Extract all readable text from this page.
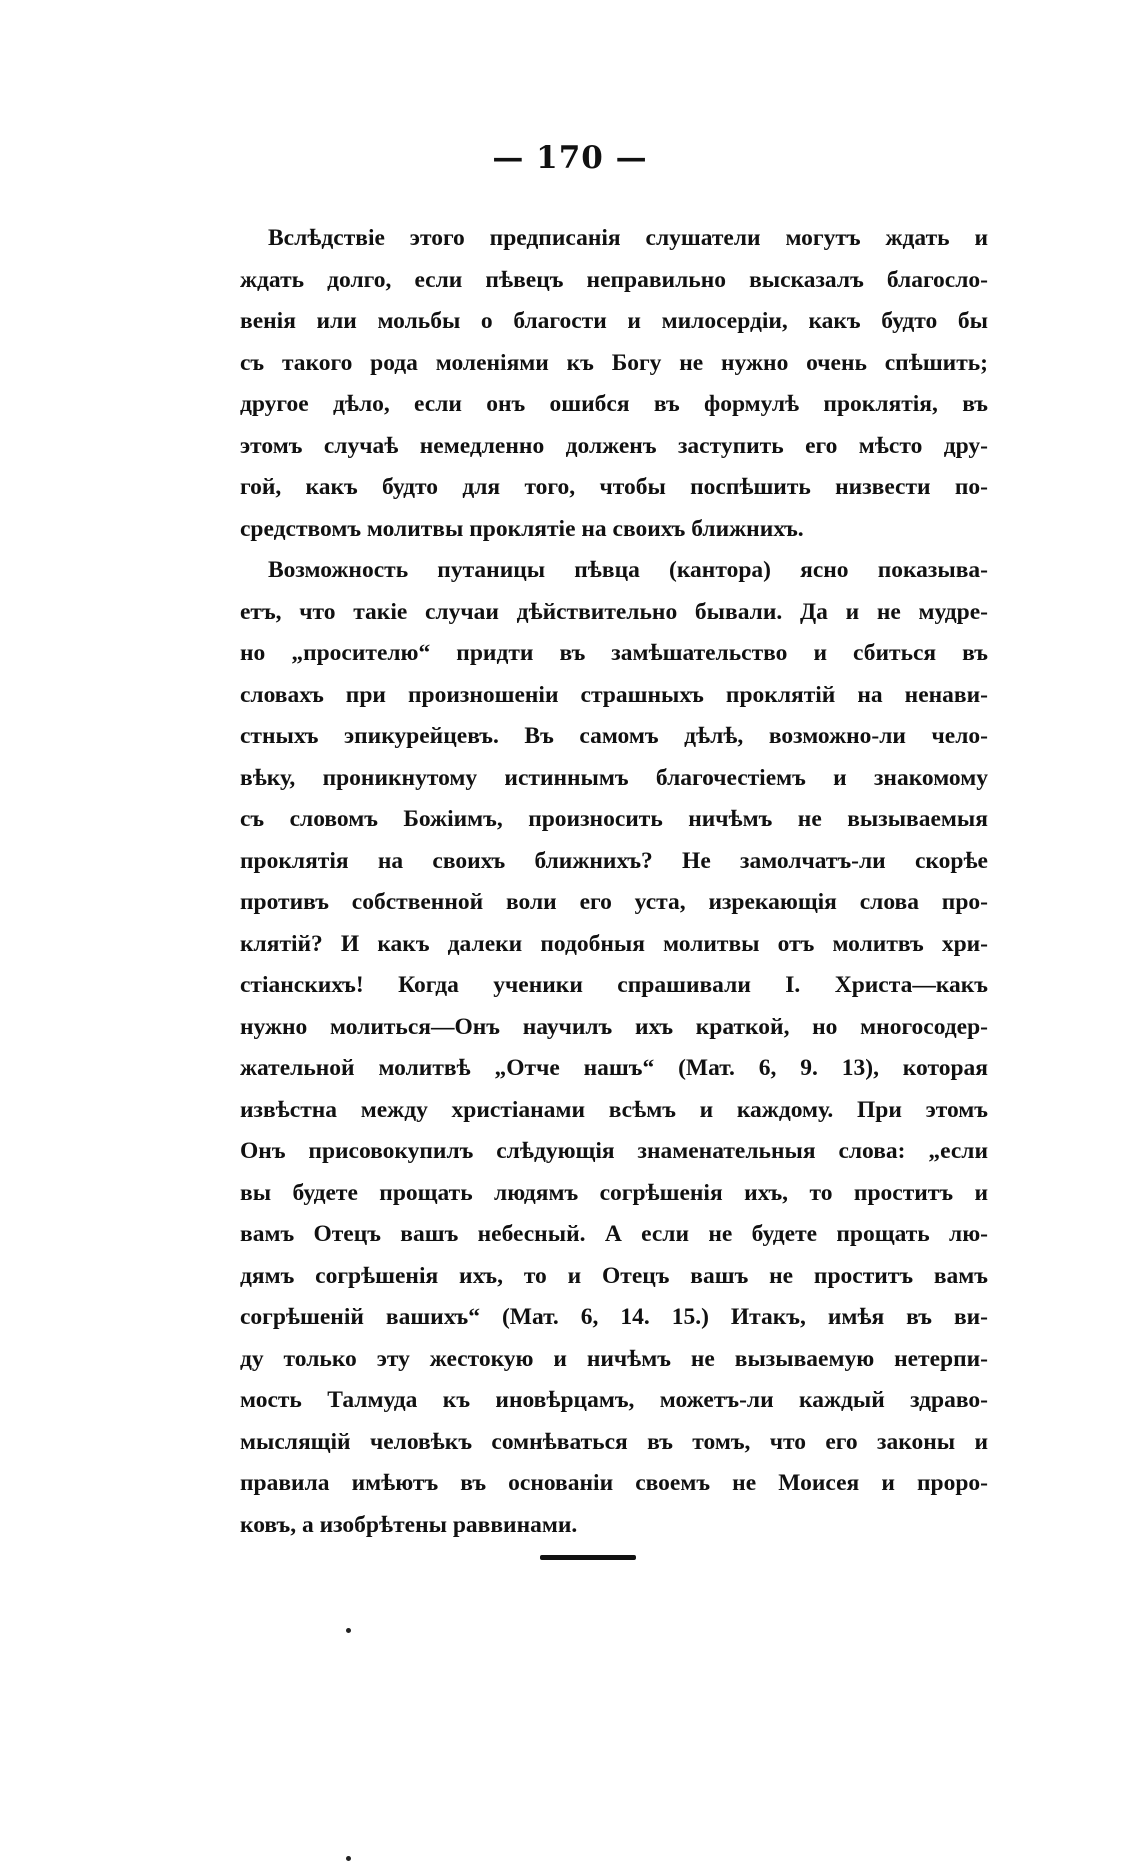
— 170 —
Вслѣдствіе этого предписанія слушатели могутъ ждать и
ждать долго, если пѣвецъ неправильно высказалъ благосло-
венія или мольбы о благости и милосердіи, какъ будто бы
съ такого рода моленіями къ Богу не нужно очень спѣшить;
другое дѣло, если онъ ошибся въ формулѣ проклятія, въ
этомъ случаѣ немедленно долженъ заступить его мѣсто дру-
гой, какъ будто для того, чтобы поспѣшить низвести по-
средствомъ молитвы проклятіе на своихъ ближнихъ.
Возможность путаницы пѣвца (кантора) ясно показыва-
етъ, что такіе случаи дѣйствительно бывали. Да и не мудре-
но „просителю“ придти въ замѣшательство и сбиться въ
словахъ при произношеніи страшныхъ проклятій на ненави-
стныхъ эпикурейцевъ. Въ самомъ дѣлѣ, возможно-ли чело-
вѣку, проникнутому истиннымъ благочестіемъ и знакомому
съ словомъ Божіимъ, произносить ничѣмъ не вызываемыя
проклятія на своихъ ближнихъ? Не замолчатъ-ли скорѣе
противъ собственной воли его уста, изрекающія слова про-
клятій? И какъ далеки подобныя молитвы отъ молитвъ хри-
стіанскихъ! Когда ученики спрашивали І. Христа—какъ
нужно молиться—Онъ научилъ ихъ краткой, но многосодер-
жательной молитвѣ „Отче нашъ“ (Мат. 6, 9. 13), которая
извѣстна между христіанами всѣмъ и каждому. При этомъ
Онъ присовокупилъ слѣдующія знаменательныя слова: „если
вы будете прощать людямъ согрѣшенія ихъ, то проститъ и
вамъ Отецъ вашъ небесный. А если не будете прощать лю-
дямъ согрѣшенія ихъ, то и Отецъ вашъ не проститъ вамъ
согрѣшеній вашихъ“ (Мат. 6, 14. 15.) Итакъ, имѣя въ ви-
ду только эту жестокую и ничѣмъ не вызываемую нетерпи-
мость Талмуда къ иновѣрцамъ, можетъ-ли каждый здраво-
мыслящій человѣкъ сомнѣваться въ томъ, что его законы и
правила имѣютъ въ основаніи своемъ не Моисея и проро-
ковъ, а изобрѣтены раввинами.
